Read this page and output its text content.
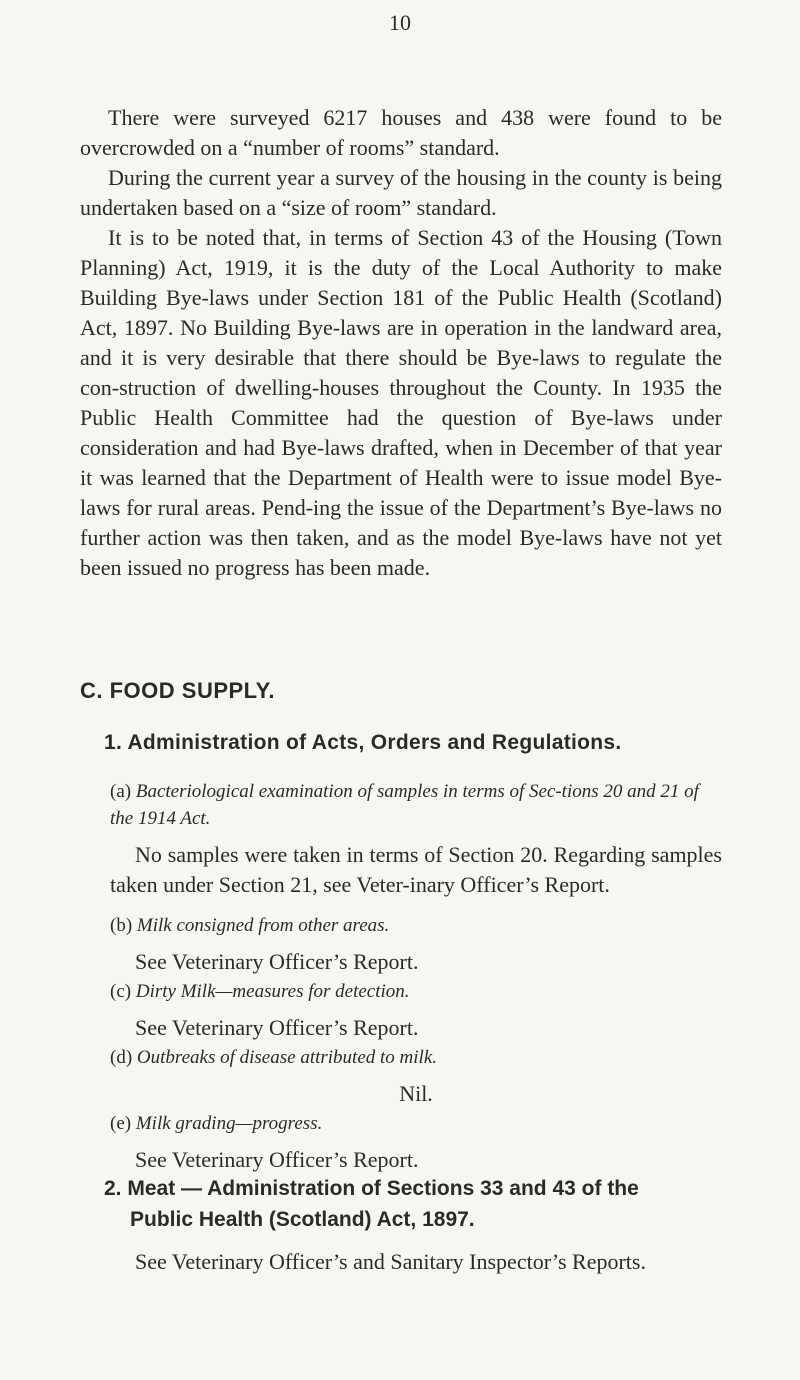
10

There were surveyed 6217 houses and 438 were found to be overcrowded on a “number of rooms” standard.

During the current year a survey of the housing in the county is being undertaken based on a “size of room” standard.

It is to be noted that, in terms of Section 43 of the Housing (Town Planning) Act, 1919, it is the duty of the Local Authority to make Building Bye-laws under Section 181 of the Public Health (Scotland) Act, 1897. No Building Bye-laws are in operation in the landward area, and it is very desirable that there should be Bye-laws to regulate the con-struction of dwelling-houses throughout the County. In 1935 the Public Health Committee had the question of Bye-laws under consideration and had Bye-laws drafted, when in December of that year it was learned that the Department of Health were to issue model Bye-laws for rural areas. Pend-ing the issue of the Department’s Bye-laws no further action was then taken, and as the model Bye-laws have not yet been issued no progress has been made.

C. FOOD SUPPLY.
1. Administration of Acts, Orders and Regulations.
(a) Bacteriological examination of samples in terms of Sec-tions 20 and 21 of the 1914 Act.
No samples were taken in terms of Section 20. Regarding samples taken under Section 21, see Veter-inary Officer’s Report.
(b) Milk consigned from other areas.
See Veterinary Officer’s Report.
(c) Dirty Milk—measures for detection.
See Veterinary Officer’s Report.
(d) Outbreaks of disease attributed to milk.
Nil.
(e) Milk grading—progress.
See Veterinary Officer’s Report.
2. Meat — Administration of Sections 33 and 43 of the
Public Health (Scotland) Act, 1897.

See Veterinary Officer’s and Sanitary Inspector’s Reports.
